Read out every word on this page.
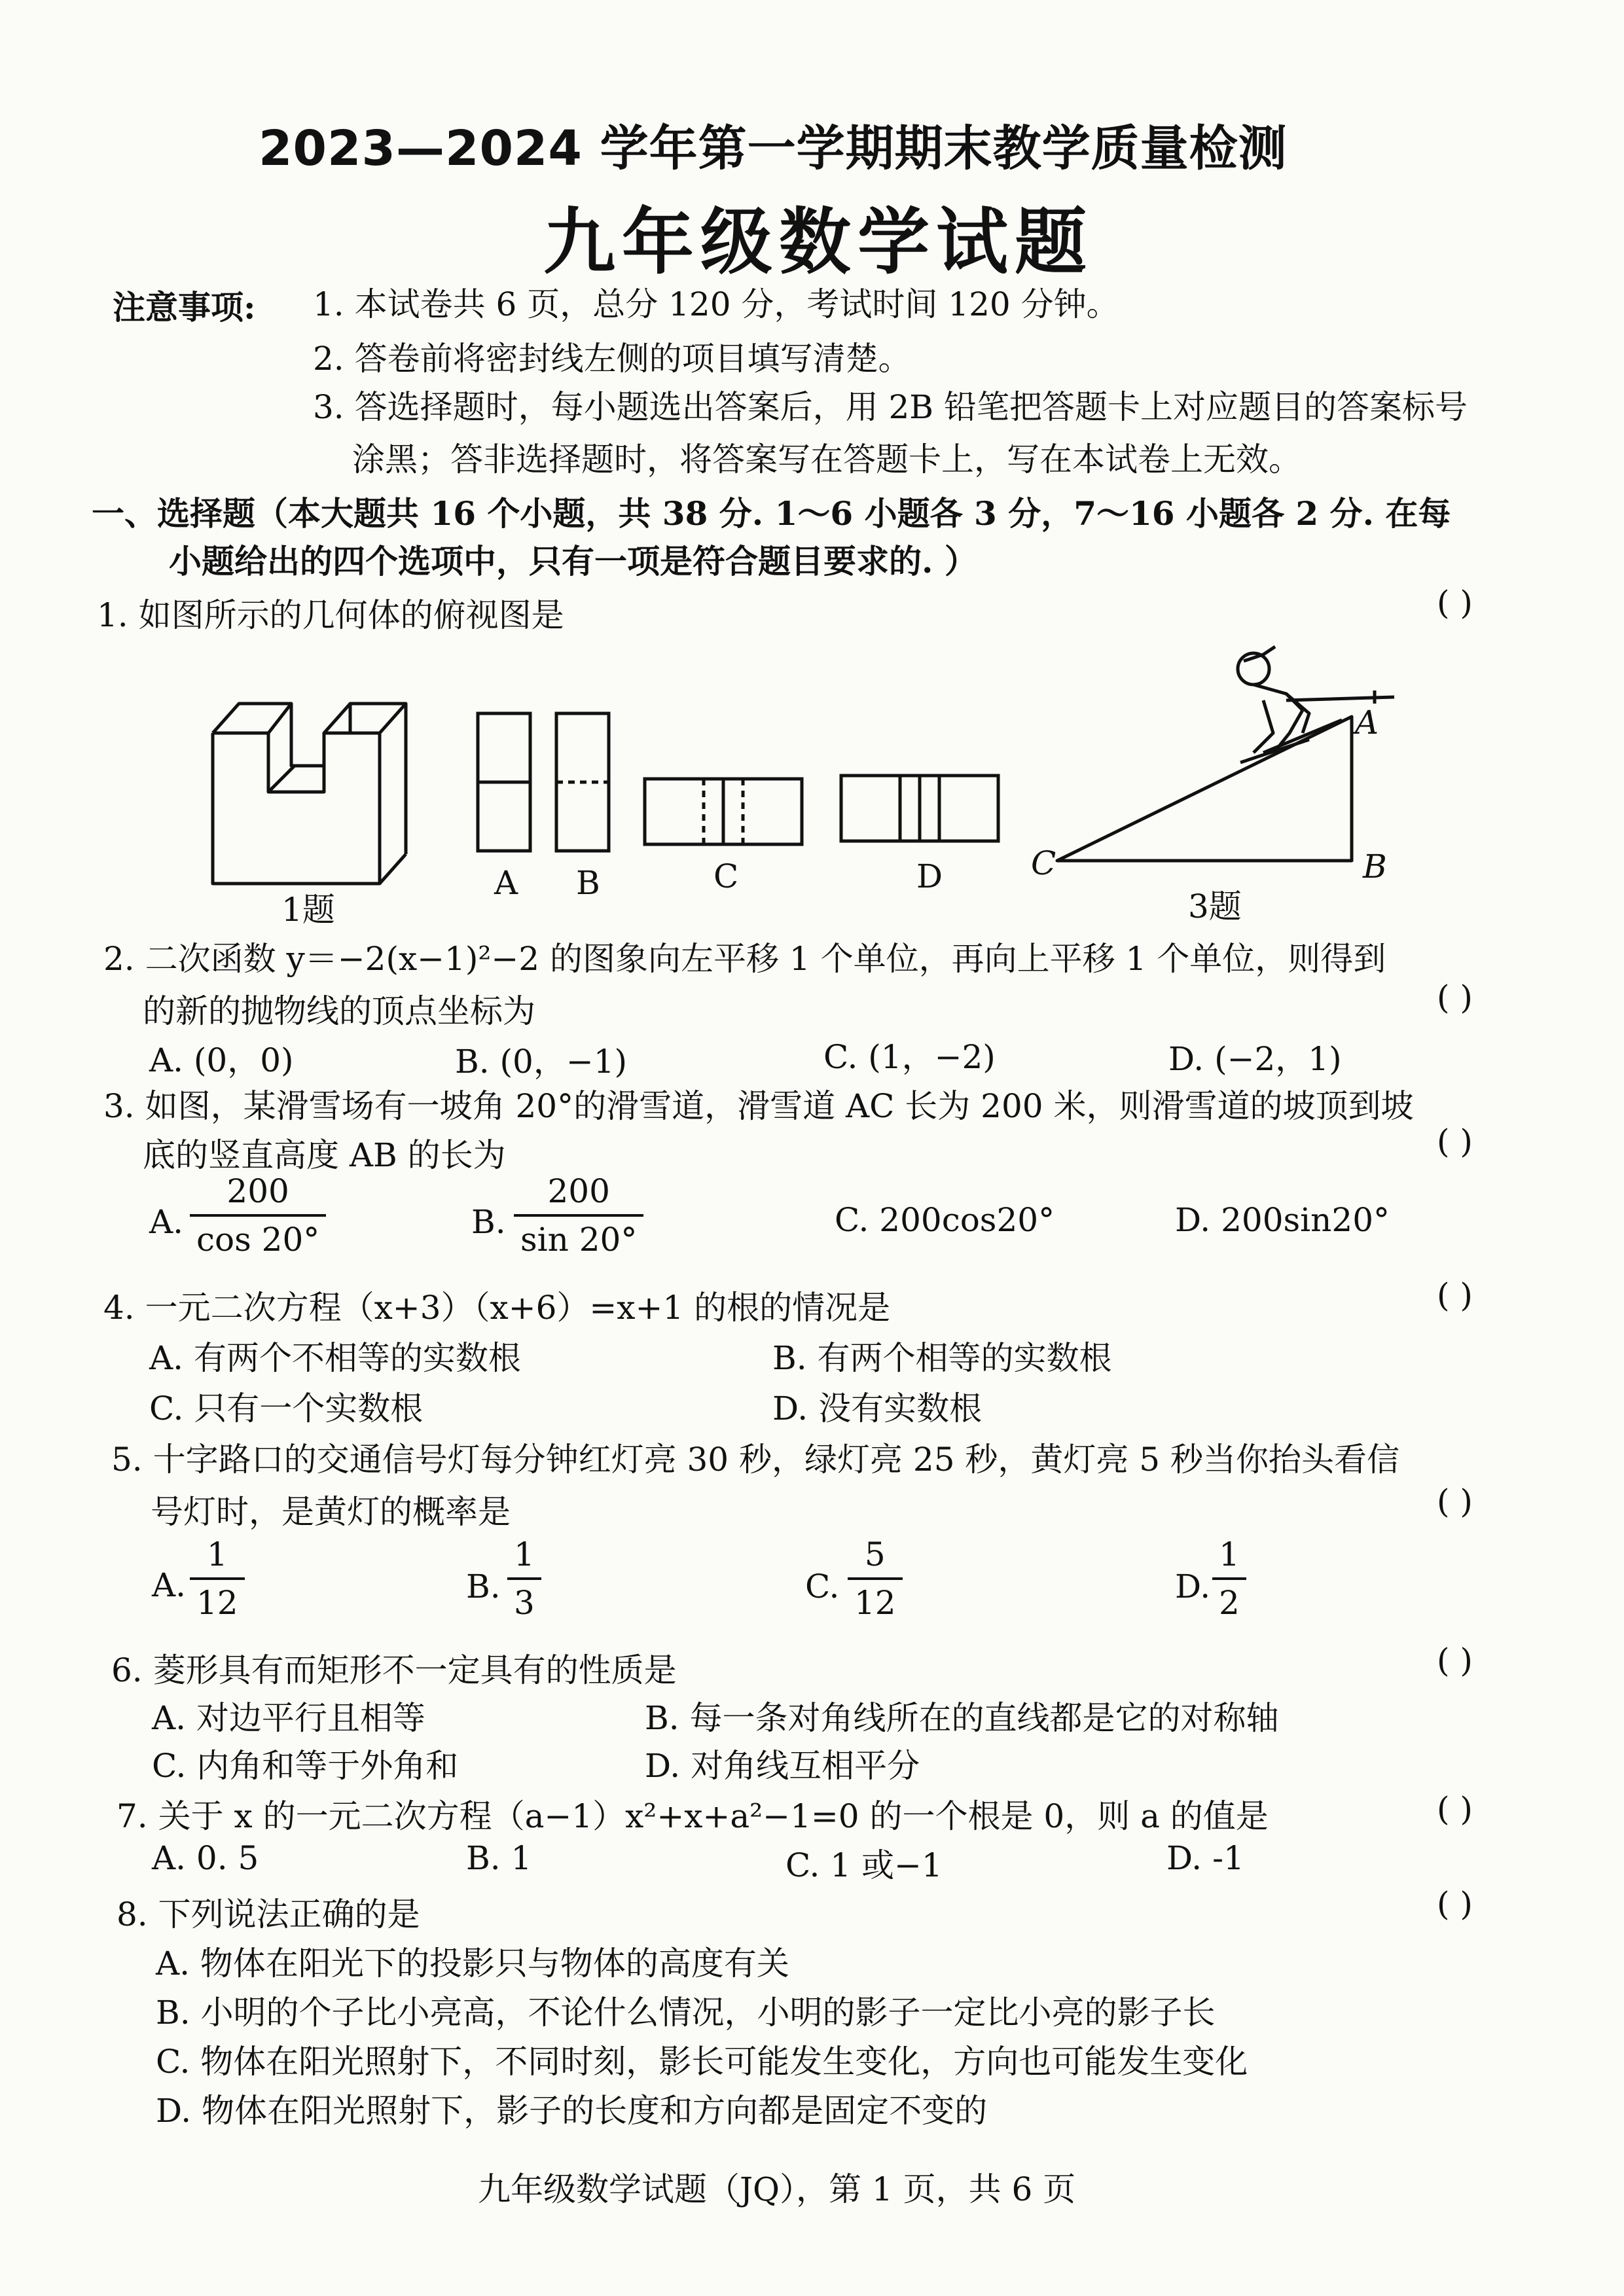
2023—2024 学年第一学期期末教学质量检测
九年级数学试题
注意事项: 1. 本试卷共 6 页，总分 120 分，考试时间 120 分钟。
2. 答卷前将密封线左侧的项目填写清楚。
3. 答选择题时，每小题选出答案后，用 2B 铅笔把答题卡上对应题目的答案标号
涂黑；答非选择题时，将答案写在答题卡上，写在本试卷上无效。
一、选择题（本大题共 16 个小题，共 38 分. 1～6 小题各 3 分，7～16 小题各 2 分. 在每
小题给出的四个选项中，只有一项是符合题目要求的. ）
1. 如图所示的几何体的俯视图是	( )
1题
A B	C	D	C	B
A
3题
2. 二次函数 y＝−2(x−1)²−2 的图象向左平移 1 个单位，再向上平移 1 个单位，则得到
的新的抛物线的顶点坐标为	( )
A. (0，0)	B. (0，−1)	C. (1，−2)	D. (−2，1)
3. 如图，某滑雪场有一坡角 20°的滑雪道，滑雪道 AC 长为 200 米，则滑雪道的坡顶到坡
底的竖直高度 AB 的长为	( )
A.
200
cos 20°	B.
200
sin 20°
C. 200cos20°	D. 200sin20°
4. 一元二次方程（x+3）（x+6）=x+1 的根的情况是	( )
A. 有两个不相等的实数根	B. 有两个相等的实数根
C. 只有一个实数根	D. 没有实数根
5. 十字路口的交通信号灯每分钟红灯亮 30 秒，绿灯亮 25 秒，黄灯亮 5 秒当你抬头看信
号灯时，是黄灯的概率是	( )
A.
1
12	B.
1
3	C.
5
12	D.
1
2
6. 菱形具有而矩形不一定具有的性质是	( )
A. 对边平行且相等	B. 每一条对角线所在的直线都是它的对称轴
C. 内角和等于外角和	D. 对角线互相平分
7. 关于 x 的一元二次方程（a−1）x²+x+a²−1=0 的一个根是 0，则 a 的值是	( )
A. 0. 5	B. 1	C. 1 或−1	D. -1
8. 下列说法正确的是	( )
A. 物体在阳光下的投影只与物体的高度有关
B. 小明的个子比小亮高，不论什么情况，小明的影子一定比小亮的影子长
C. 物体在阳光照射下，不同时刻，影长可能发生变化，方向也可能发生变化
D. 物体在阳光照射下，影子的长度和方向都是固定不变的
九年级数学试题（JQ），第 1 页，共 6 页
